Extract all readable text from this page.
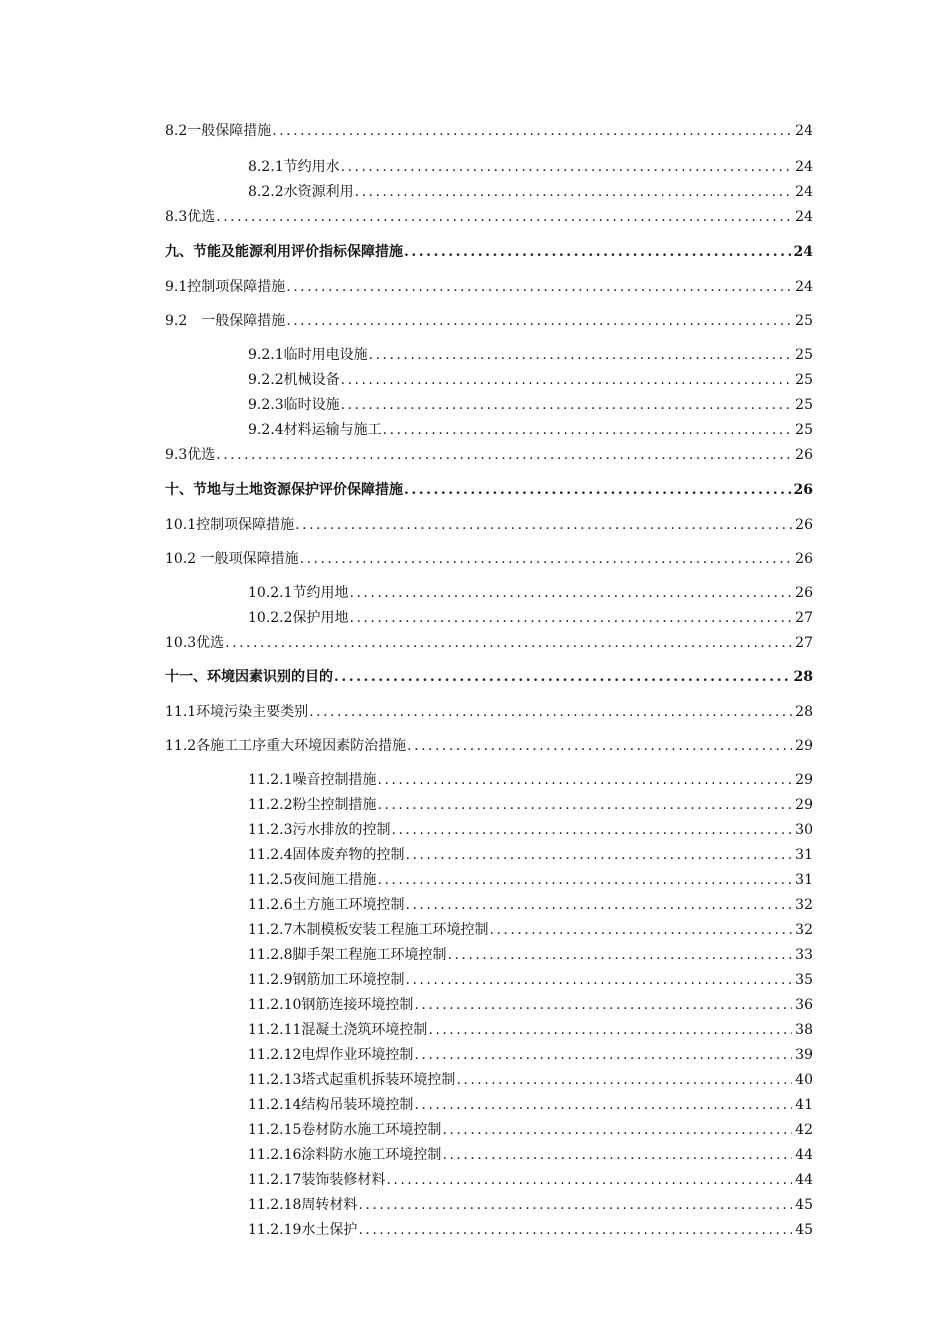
8.2一般保障措施 .....	24
8.2.1节约用水 .....	24
8.2.2水资源利用 .....	24
8.3优选 .....	24
九、节能及能源利用评价指标保障措施 .....	24
9.1控制项保障措施 .....	24
9.2　一般保障措施 .....	25
9.2.1临时用电设施 .....	25
9.2.2机械设备 .....	25
9.2.3临时设施 .....	25
9.2.4材料运输与施工 .....	25
9.3优选 .....	26
十、节地与土地资源保护评价保障措施 .....	26
10.1控制项保障措施 .....	26
10.2 一般项保障措施 .....	26
10.2.1节约用地 .....	26
10.2.2保护用地 .....	27
10.3优选 .....	27
十一、环境因素识别的目的 .....	28
11.1环境污染主要类别 .....	28
11.2各施工工序重大环境因素防治措施 .....	29
11.2.1噪音控制措施 .....	29
11.2.2粉尘控制措施 .....	29
11.2.3污水排放的控制 .....	30
11.2.4固体废弃物的控制 .....	31
11.2.5夜间施工措施 .....	31
11.2.6土方施工环境控制 .....	32
11.2.7木制模板安装工程施工环境控制 .....	32
11.2.8脚手架工程施工环境控制 .....	33
11.2.9钢筋加工环境控制 .....	35
11.2.10钢筋连接环境控制 .....	36
11.2.11混凝土浇筑环境控制 .....	38
11.2.12电焊作业环境控制 .....	39
11.2.13塔式起重机拆装环境控制 .....	40
11.2.14结构吊装环境控制 .....	41
11.2.15卷材防水施工环境控制 .....	42
11.2.16涂料防水施工环境控制 .....	44
11.2.17装饰装修材料 .....	44
11.2.18周转材料 .....	45
11.2.19水土保护 .....	45
